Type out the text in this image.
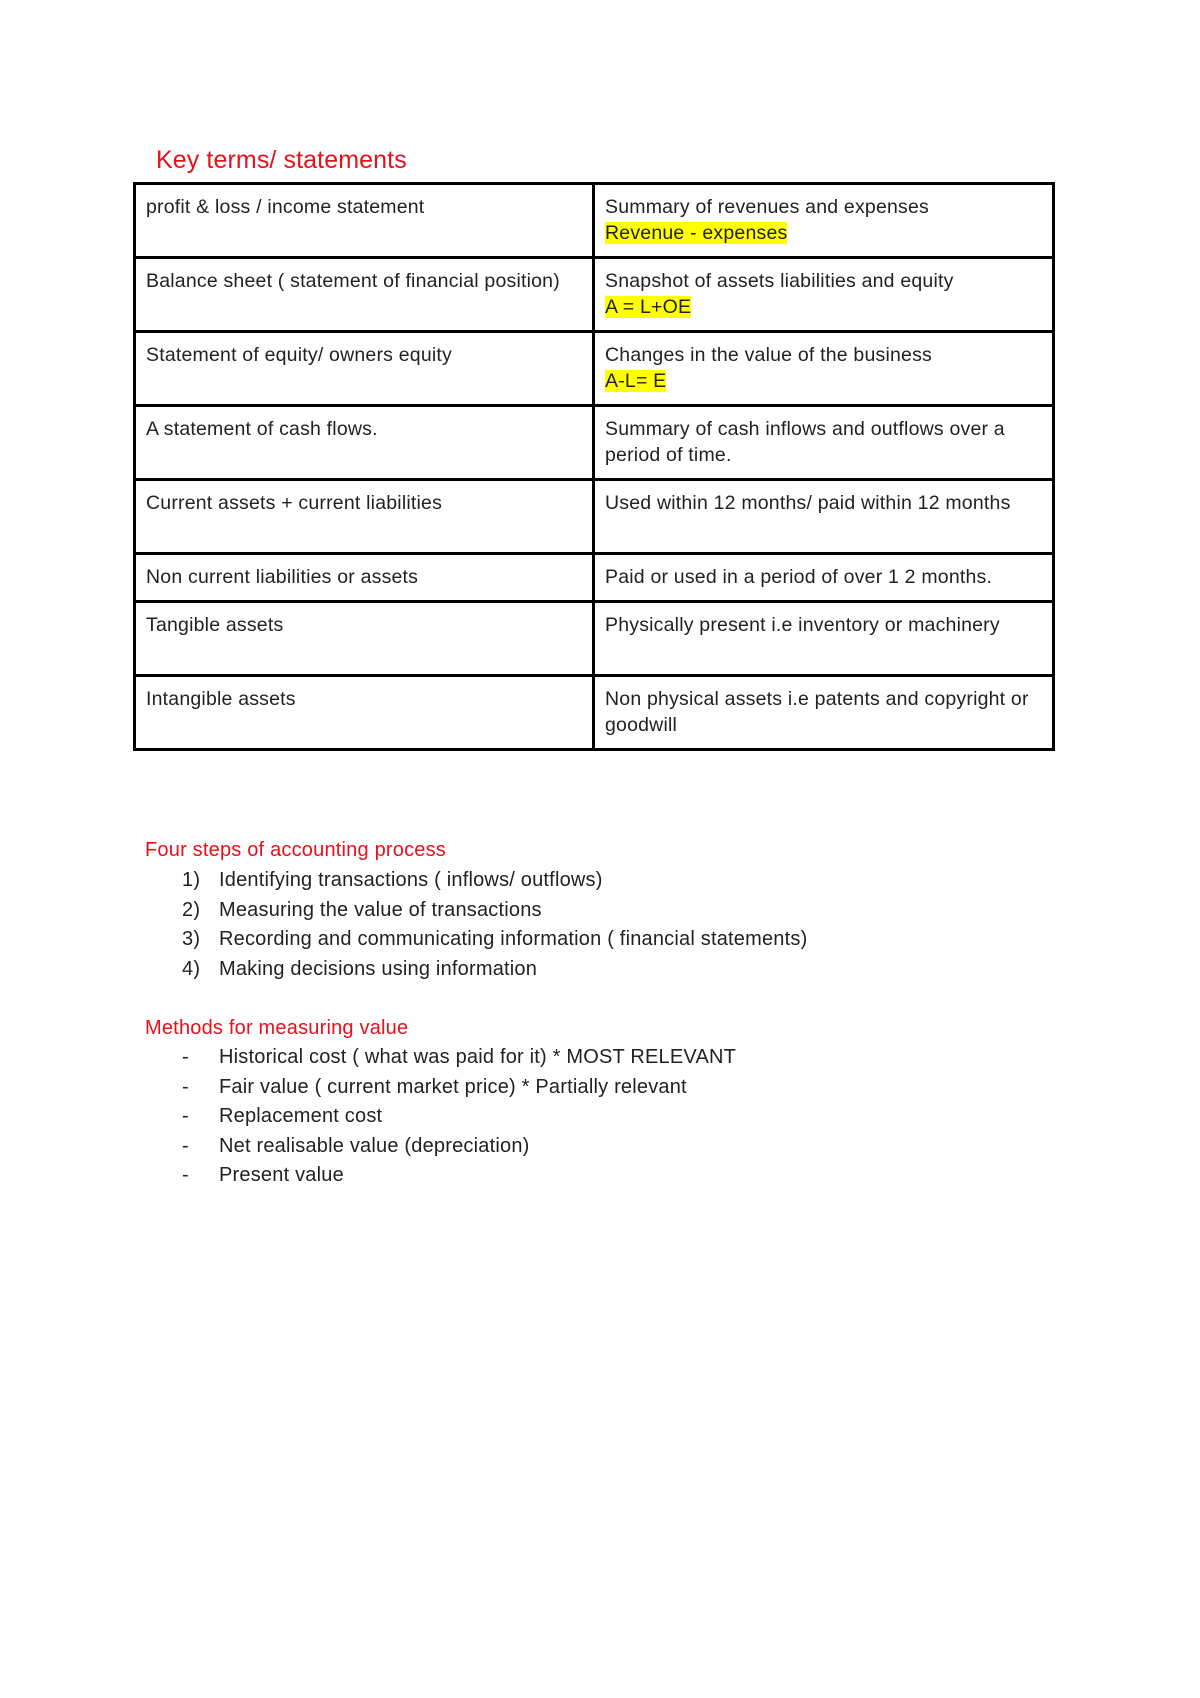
Key terms/ statements
profit & loss / income statement	Summary of revenues and expenses
Revenue - expenses
Balance sheet ( statement of financial position)	Snapshot of assets liabilities and equity
A = L+OE
Statement of equity/ owners equity	Changes in the value of the business
A-L= E
A statement of cash flows.	Summary of cash inflows and outflows over a period of time.
Current assets + current liabilities	Used within 12 months/ paid within 12 months
Non current liabilities or assets	Paid or used in a period of over 1 2 months.
Tangible assets	Physically present i.e inventory or machinery
Intangible assets	Non physical assets i.e patents and copyright or goodwill
Four steps of accounting process
1) Identifying transactions ( inflows/ outflows)
2) Measuring the value of transactions
3) Recording and communicating information ( financial statements)
4) Making decisions using information
Methods for measuring value
- Historical cost ( what was paid for it) * MOST RELEVANT
- Fair value ( current market price) * Partially relevant
- Replacement cost
- Net realisable value (depreciation)
- Present value
